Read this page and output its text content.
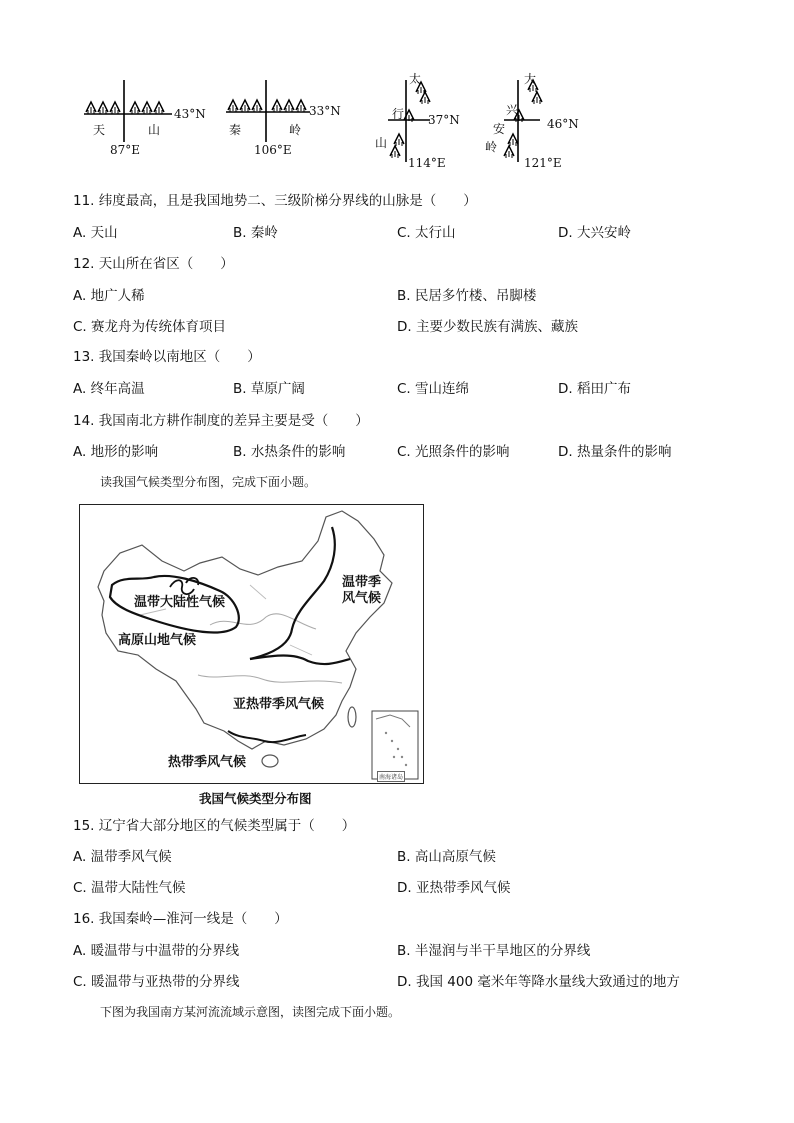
天	山
43°N
87°E
秦	岭
33°N
106°E
太
行
山
37°N
114°E
大
兴
安
岭
46°N
121°E
11. 纬度最高，且是我国地势二、三级阶梯分界线的山脉是（　　）
A. 天山	B. 秦岭	C. 太行山	D. 大兴安岭
12. 天山所在省区（　　）
A. 地广人稀	B. 民居多竹楼、吊脚楼
C. 赛龙舟为传统体育项目	D. 主要少数民族有满族、藏族
13. 我国秦岭以南地区（　　）
A. 终年高温	B. 草原广阔	C. 雪山连绵	D. 稻田广布
14. 我国南北方耕作制度的差异主要是受（　　）
A. 地形的影响	B. 水热条件的影响	C. 光照条件的影响	D. 热量条件的影响
读我国气候类型分布图，完成下面小题。
温带季
风气候
温带大陆性气候
高原山地气候
亚热带季风气候
热带季风气候
南海诸岛
我国气候类型分布图
15. 辽宁省大部分地区的气候类型属于（　　）
A. 温带季风气候	B. 高山高原气候
C. 温带大陆性气候	D. 亚热带季风气候
16. 我国秦岭—淮河一线是（　　）
A. 暖温带与中温带的分界线	B. 半湿润与半干旱地区的分界线
C. 暖温带与亚热带的分界线	D. 我国 400 毫米年等降水量线大致通过的地方
下图为我国南方某河流流域示意图，读图完成下面小题。
